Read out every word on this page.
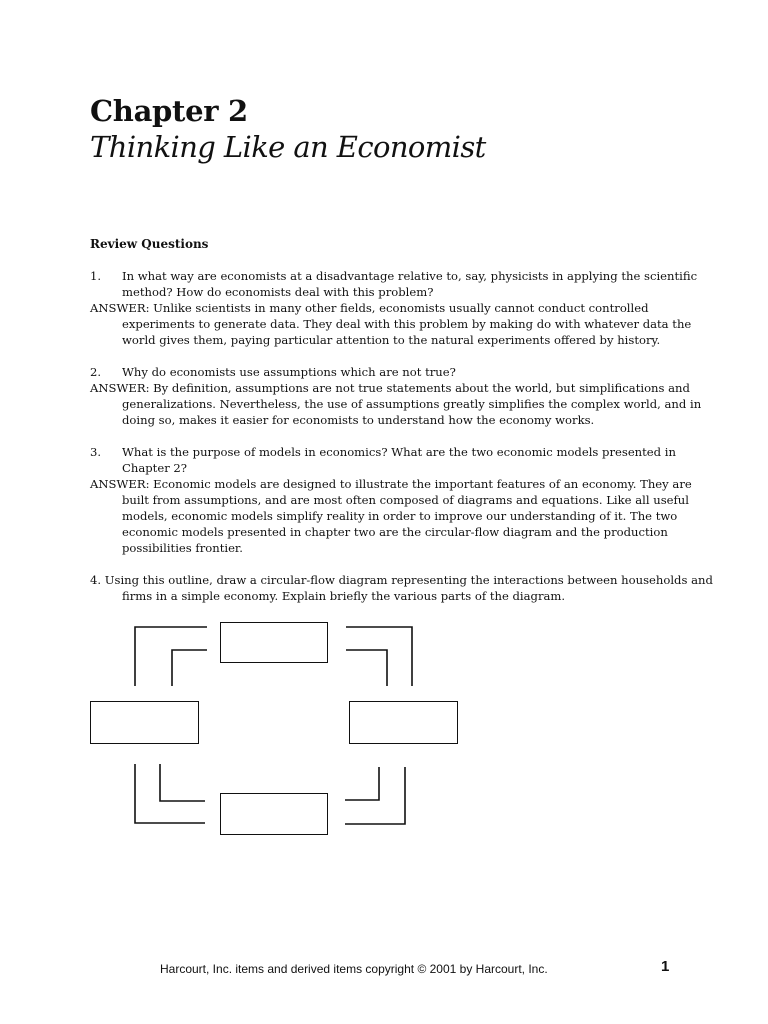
Chapter 2
Thinking Like an Economist
Review Questions
1. In what way are economists at a disadvantage relative to, say, physicists in applying the scientific
method? How do economists deal with this problem?
ANSWER: Unlike scientists in many other fields, economists usually cannot conduct controlled
experiments to generate data. They deal with this problem by making do with whatever data the
world gives them, paying particular attention to the natural experiments offered by history.
2. Why do economists use assumptions which are not true?
ANSWER: By definition, assumptions are not true statements about the world, but simplifications and
generalizations. Nevertheless, the use of assumptions greatly simplifies the complex world, and in
doing so, makes it easier for economists to understand how the economy works.
3. What is the purpose of models in economics? What are the two economic models presented in
Chapter 2?
ANSWER: Economic models are designed to illustrate the important features of an economy. They are
built from assumptions, and are most often composed of diagrams and equations. Like all useful
models, economic models simplify reality in order to improve our understanding of it. The two
economic models presented in chapter two are the circular-flow diagram and the production
possibilities frontier.
4. Using this outline, draw a circular-flow diagram representing the interactions between households and
firms in a simple economy. Explain briefly the various parts of the diagram.
Harcourt, Inc. items and derived items copyright © 2001 by Harcourt, Inc.	1
